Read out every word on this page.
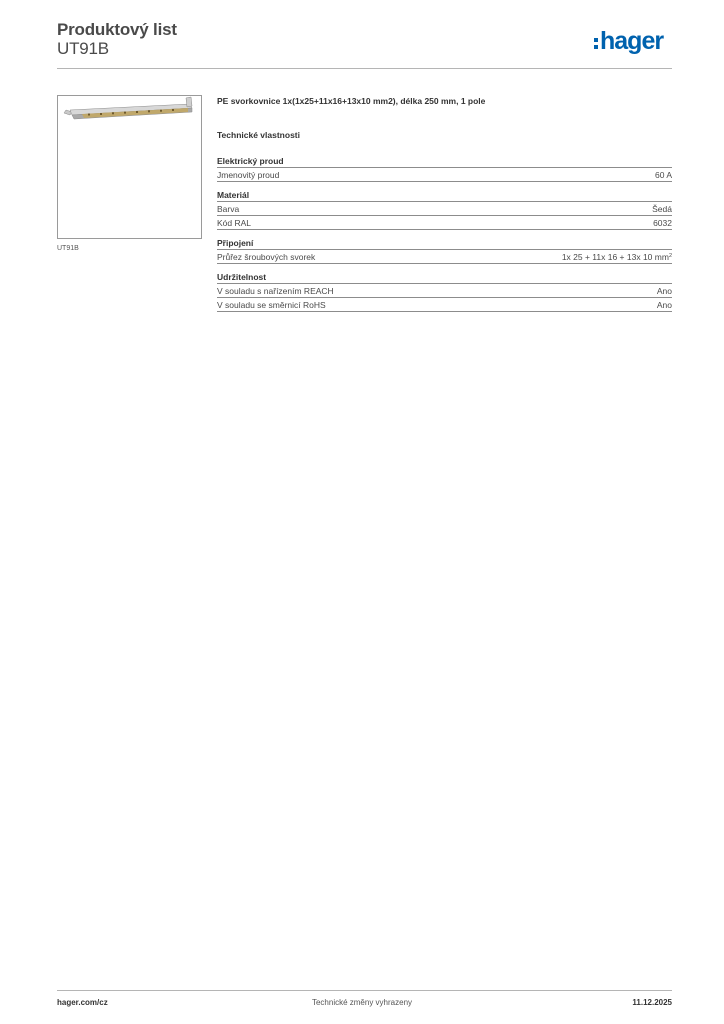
Produktový list
UT91B	hager
UT91B
PE svorkovnice 1x(1x25+11x16+13x10 mm2), délka 250 mm, 1 pole
Technické vlastnosti
Elektrický proud
Jmenovitý proud	60 A
Materiál
Barva	Šedá
Kód RAL	6032
Připojení
Průřez šroubových svorek	1x 25 + 11x 16 + 13x 10 $mm^2$
Udržitelnost
V souladu s nařízením REACH	Ano
V souladu se směrnicí RoHS	Ano
hager.com/cz	Technické změny vyhrazeny	11.12.2025
